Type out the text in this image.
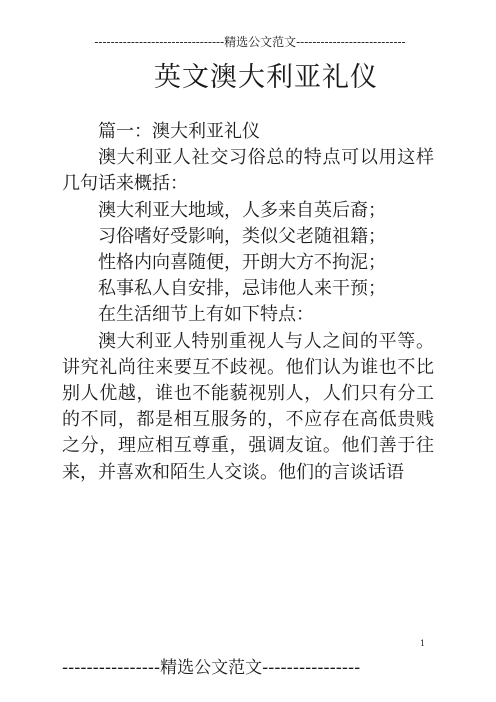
--------------------------------精选公文范文---------------------------
英文澳大利亚礼仪

篇一：澳大利亚礼仪

澳大利亚人社交习俗总的特点可以用这样几句话来概括：

澳大利亚大地域，人多来自英后裔；

习俗嗜好受影响，类似父老随祖籍；

性格内向喜随便，开朗大方不拘泥；

私事私人自安排，忌讳他人来干预；

在生活细节上有如下特点：

澳大利亚人特别重视人与人之间的平等。讲究礼尚往来要互不歧视。他们认为谁也不比别人优越，谁也不能藐视别人，人们只有分工的不同，都是相互服务的，不应存在高低贵贱之分，理应相互尊重，强调友谊。他们善于往来，并喜欢和陌生人交谈。他们的言谈话语

1
----------------精选公文范文----------------
